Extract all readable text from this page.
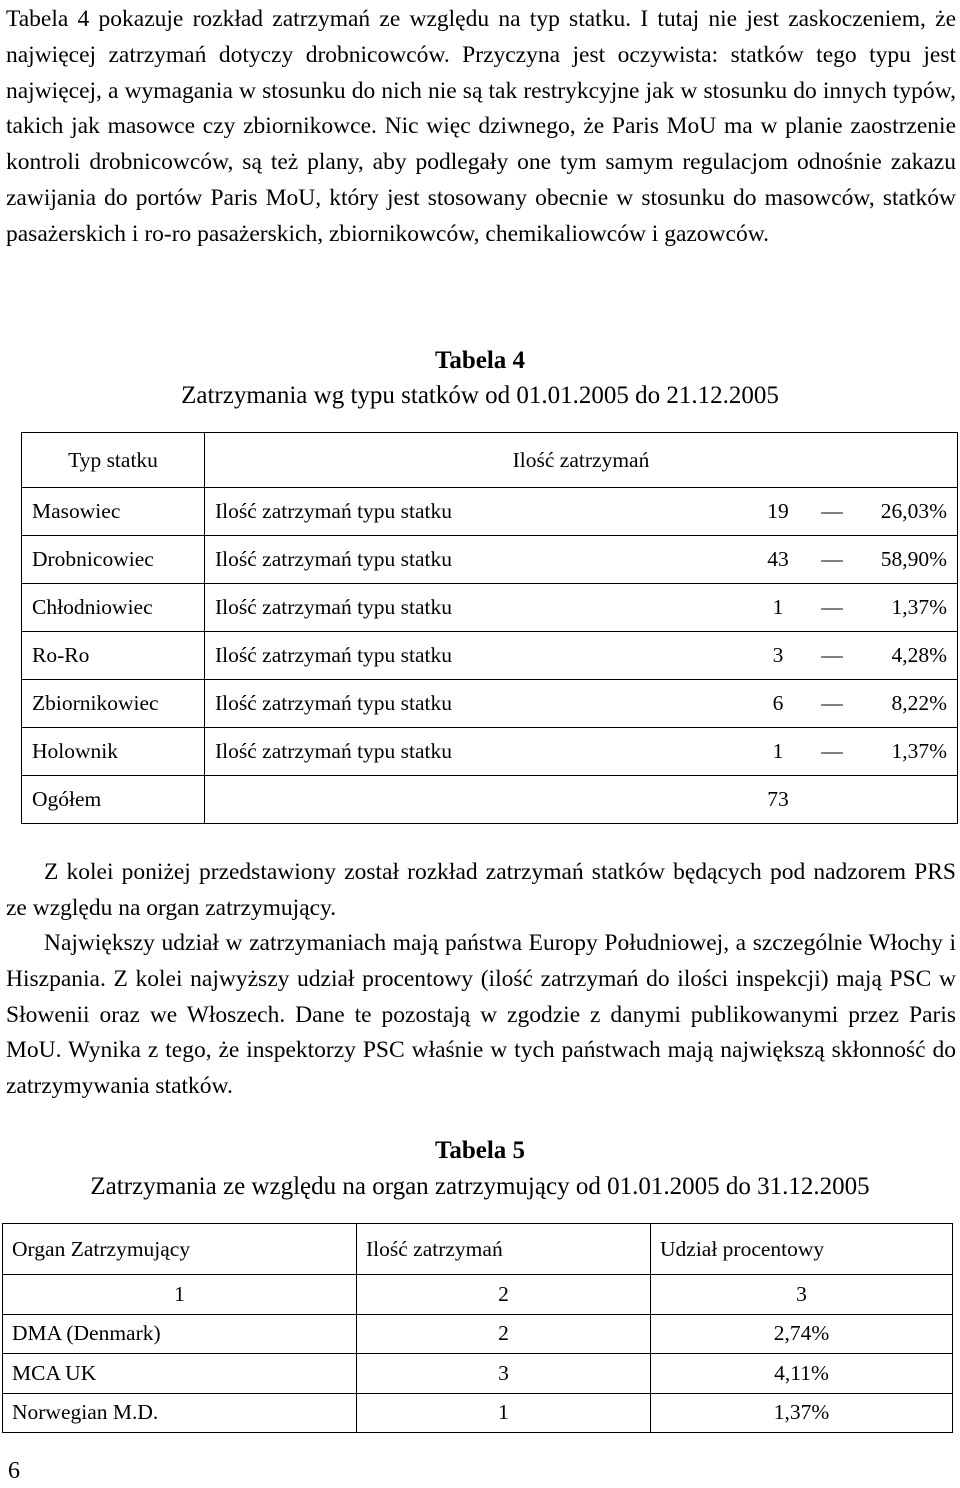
Tabela 4 pokazuje rozkład zatrzymań ze względu na typ statku. I tutaj nie jest zaskoczeniem, że najwięcej zatrzymań dotyczy drobnicowców. Przyczyna jest oczywista: statków tego typu jest najwięcej, a wymagania w stosunku do nich nie są tak restrykcyjne jak w stosunku do innych typów, takich jak masowce czy zbiornikowce. Nic więc dziwnego, że Paris MoU ma w planie zaostrzenie kontroli drobnicowców, są też plany, aby podlegały one tym samym regulacjom odnośnie zakazu zawijania do portów Paris MoU, który jest stosowany obecnie w stosunku do masowców, statków pasażerskich i ro-ro pasażerskich, zbiornikowców, chemikaliowców i gazowców.

Tabela 4
Zatrzymania wg typu statków od 01.01.2005 do 21.12.2005
Typ statku	Ilość zatrzymań
Masowiec	Ilość zatrzymań typu statku 19 — 26,03%

Drobnicowiec	Ilość zatrzymań typu statku 43 — 58,90%

Chłodniowiec	Ilość zatrzymań typu statku 1 — 1,37%

Ro-Ro	Ilość zatrzymań typu statku 3 — 4,28%

Zbiornikowiec	Ilość zatrzymań typu statku 6 — 8,22%

Holownik	Ilość zatrzymań typu statku 1 — 1,37%

Ogółem	73

Z kolei poniżej przedstawiony został rozkład zatrzymań statków będących pod nadzorem PRS ze względu na organ zatrzymujący.

Największy udział w zatrzymaniach mają państwa Europy Południowej, a szczególnie Włochy i Hiszpania. Z kolei najwyższy udział procentowy (ilość zatrzymań do ilości inspekcji) mają PSC w Słowenii oraz we Włoszech. Dane te pozostają w zgodzie z danymi publikowanymi przez Paris MoU. Wynika z tego, że inspektorzy PSC właśnie w tych państwach mają największą skłonność do zatrzymywania statków.

Tabela 5
Zatrzymania ze względu na organ zatrzymujący od 01.01.2005 do 31.12.2005
Organ Zatrzymujący	Ilość zatrzymań	Udział procentowy
1	2	3
DMA (Denmark)	2	2,74%
MCA UK	3	4,11%
Norwegian M.D.	1	1,37%
6
